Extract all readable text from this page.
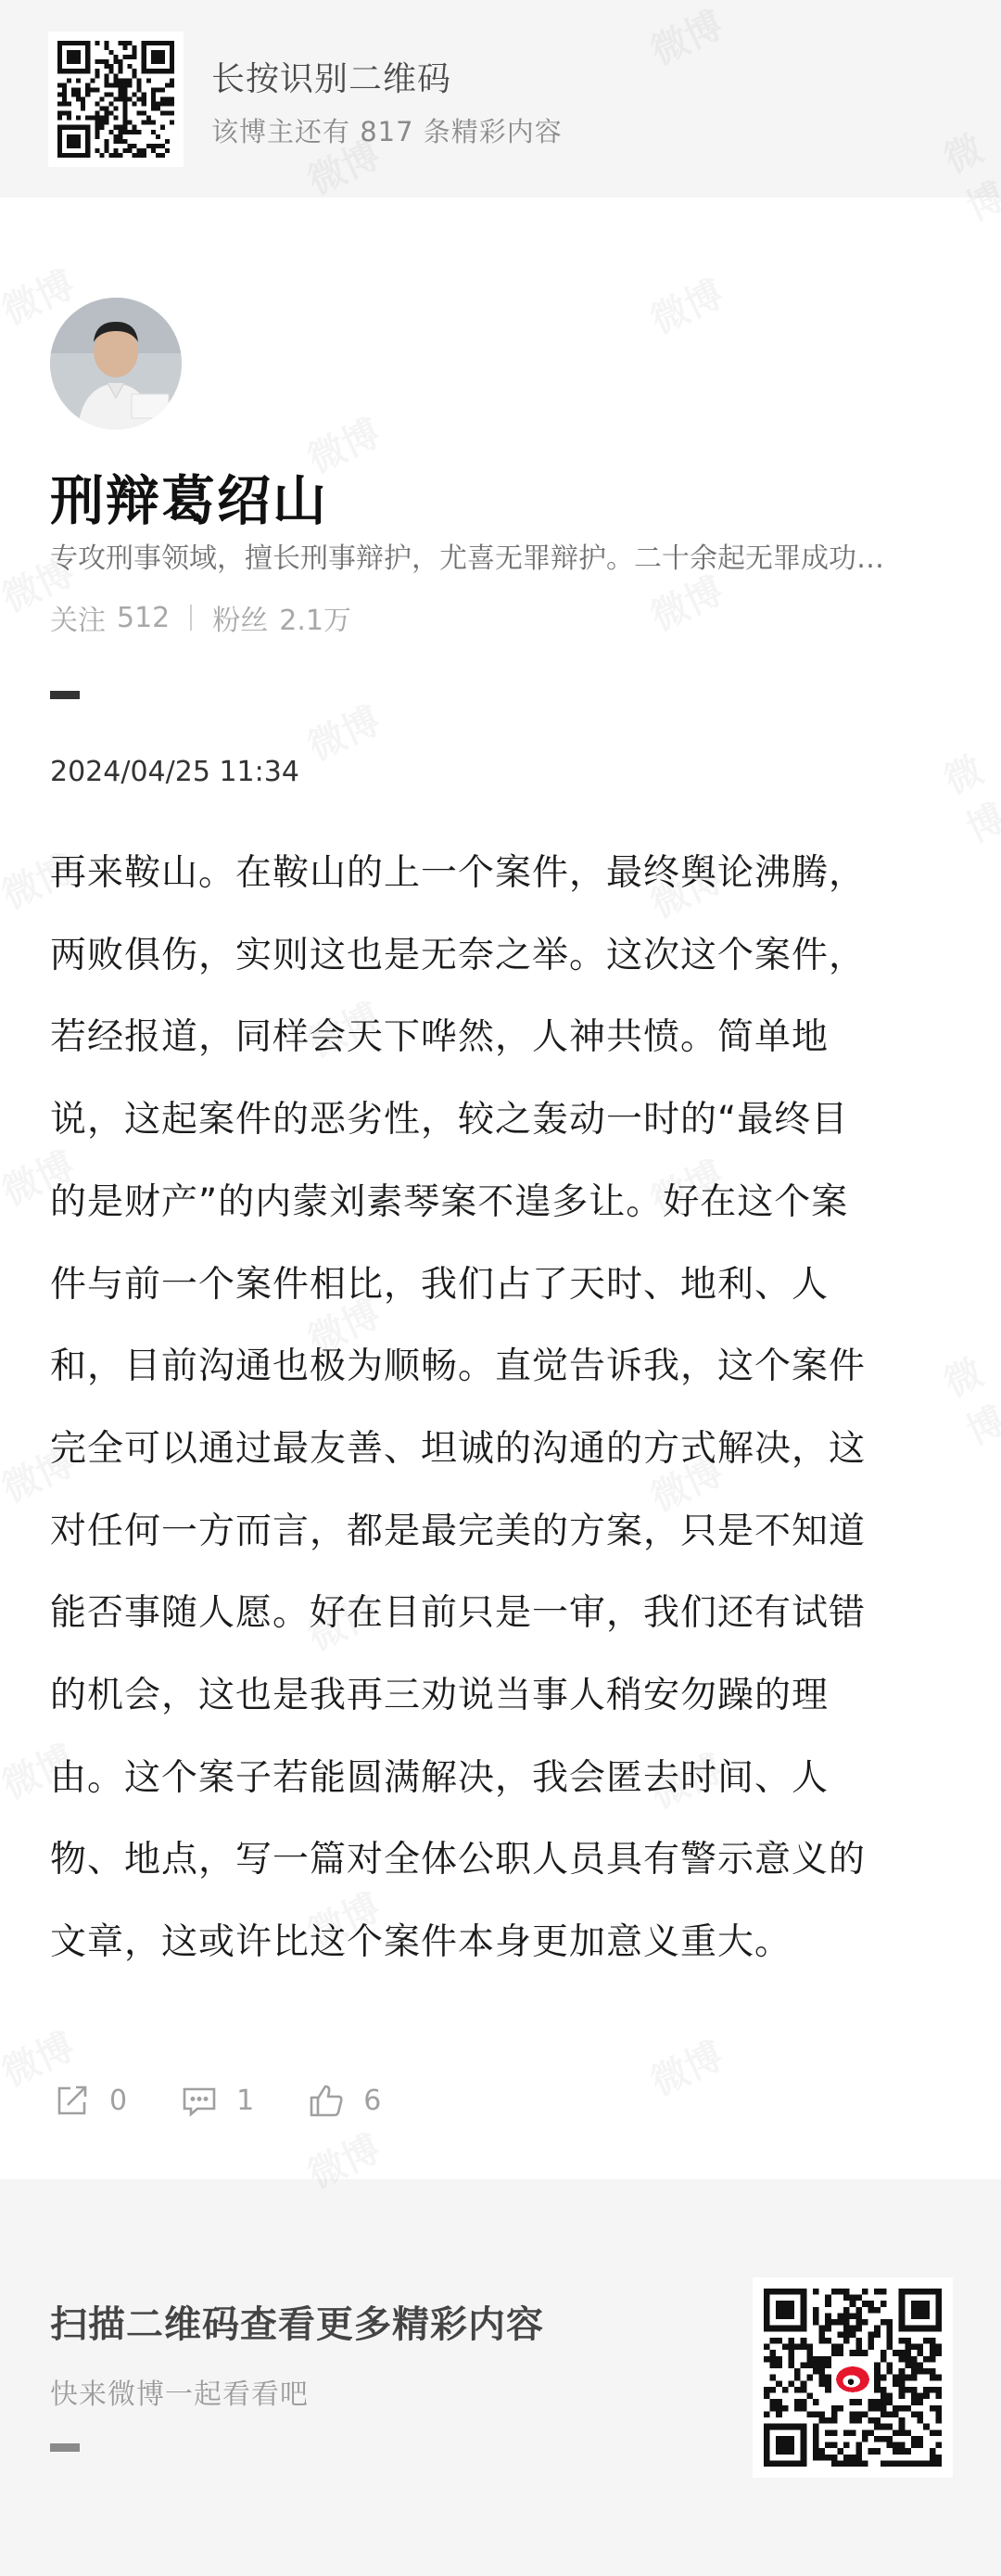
长按识别二维码
该博主还有 817 条精彩内容
刑辩葛绍山
专攻刑事领域，擅长刑事辩护，尤喜无罪辩护。二十余起无罪成功…
关注 512 粉丝 2.1万
2024/04/25 11:34
再来鞍山。在鞍山的上一个案件，最终舆论沸腾，
两败俱伤，实则这也是无奈之举。这次这个案件，
若经报道，同样会天下哗然，人神共愤。简单地
说，这起案件的恶劣性，较之轰动一时的“最终目
的是财产”的内蒙刘素琴案不遑多让。好在这个案
件与前一个案件相比，我们占了天时、地利、人
和，目前沟通也极为顺畅。直觉告诉我，这个案件
完全可以通过最友善、坦诚的沟通的方式解决，这
对任何一方而言，都是最完美的方案，只是不知道
能否事随人愿。好在目前只是一审，我们还有试错
的机会，这也是我再三劝说当事人稍安勿躁的理
由。这个案子若能圆满解决，我会匿去时间、人
物、地点，写一篇对全体公职人员具有警示意义的
文章，这或许比这个案件本身更加意义重大。
0	1	6
扫描二维码查看更多精彩内容
快来微博一起看看吧
